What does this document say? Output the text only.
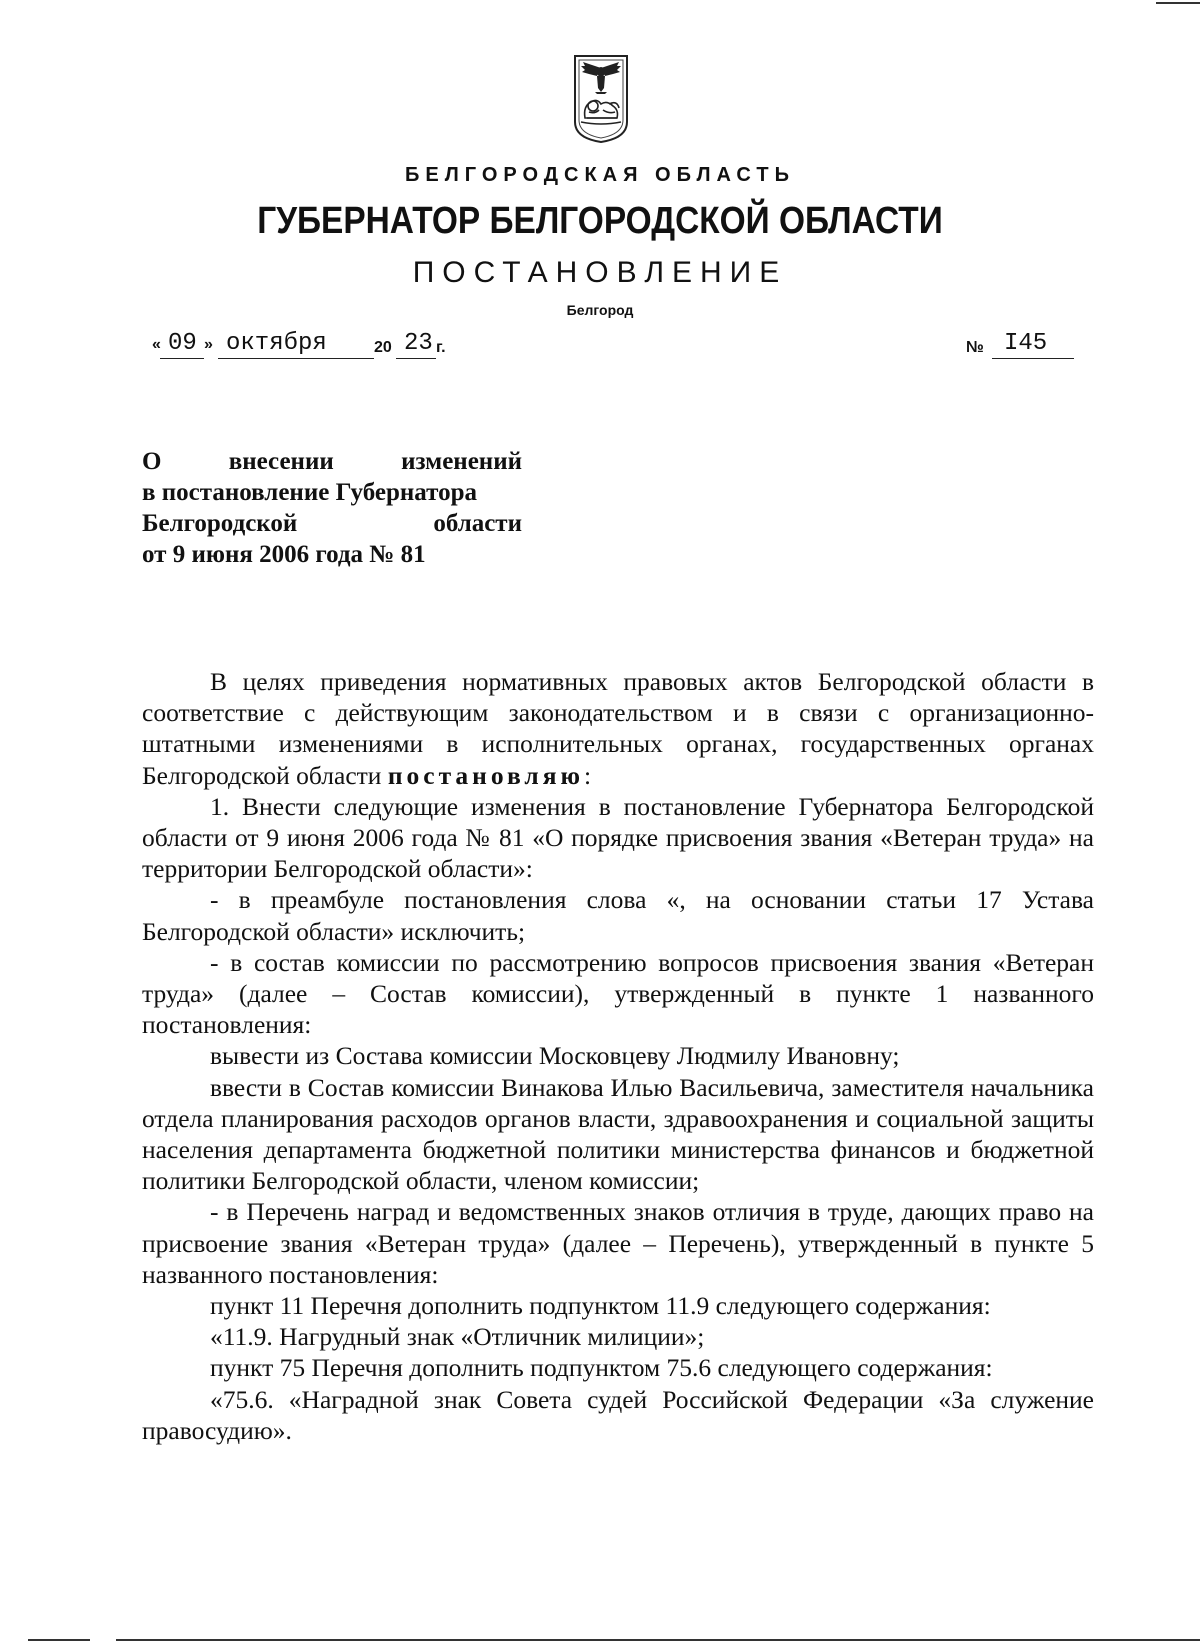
БЕЛГОРОДСКАЯ ОБЛАСТЬ
ГУБЕРНАТОР БЕЛГОРОДСКОЙ ОБЛАСТИ
ПОСТАНОВЛЕНИЕ
Белгород
« 09 » октября	20 23 г.	№ I45
О	внесении	изменений
в постановление Губернатора
Белгородской	области
от 9 июня 2006 года № 81

В целях приведения нормативных правовых актов Белгородской области в соответствие с действующим законодательством и в связи с организационно-штатными изменениями в исполнительных органах, государственных органах Белгородской области постановляю:

1. Внести следующие изменения в постановление Губернатора Белгородской области от 9 июня 2006 года № 81 «О порядке присвоения звания «Ветеран труда» на территории Белгородской области»:

- в преамбуле постановления слова «, на основании статьи 17 Устава Белгородской области» исключить;

- в состав комиссии по рассмотрению вопросов присвоения звания «Ветеран труда» (далее – Состав комиссии), утвержденный в пункте 1 названного постановления:

вывести из Состава комиссии Московцеву Людмилу Ивановну;

ввести в Состав комиссии Винакова Илью Васильевича, заместителя начальника отдела планирования расходов органов власти, здравоохранения и социальной защиты населения департамента бюджетной политики министерства финансов и бюджетной политики Белгородской области, членом комиссии;

- в Перечень наград и ведомственных знаков отличия в труде, дающих право на присвоение звания «Ветеран труда» (далее – Перечень), утвержденный в пункте 5 названного постановления:

пункт 11 Перечня дополнить подпунктом 11.9 следующего содержания:

«11.9. Нагрудный знак «Отличник милиции»;

пункт 75 Перечня дополнить подпунктом 75.6 следующего содержания:

«75.6. «Наградной знак Совета судей Российской Федерации «За служение правосудию».
